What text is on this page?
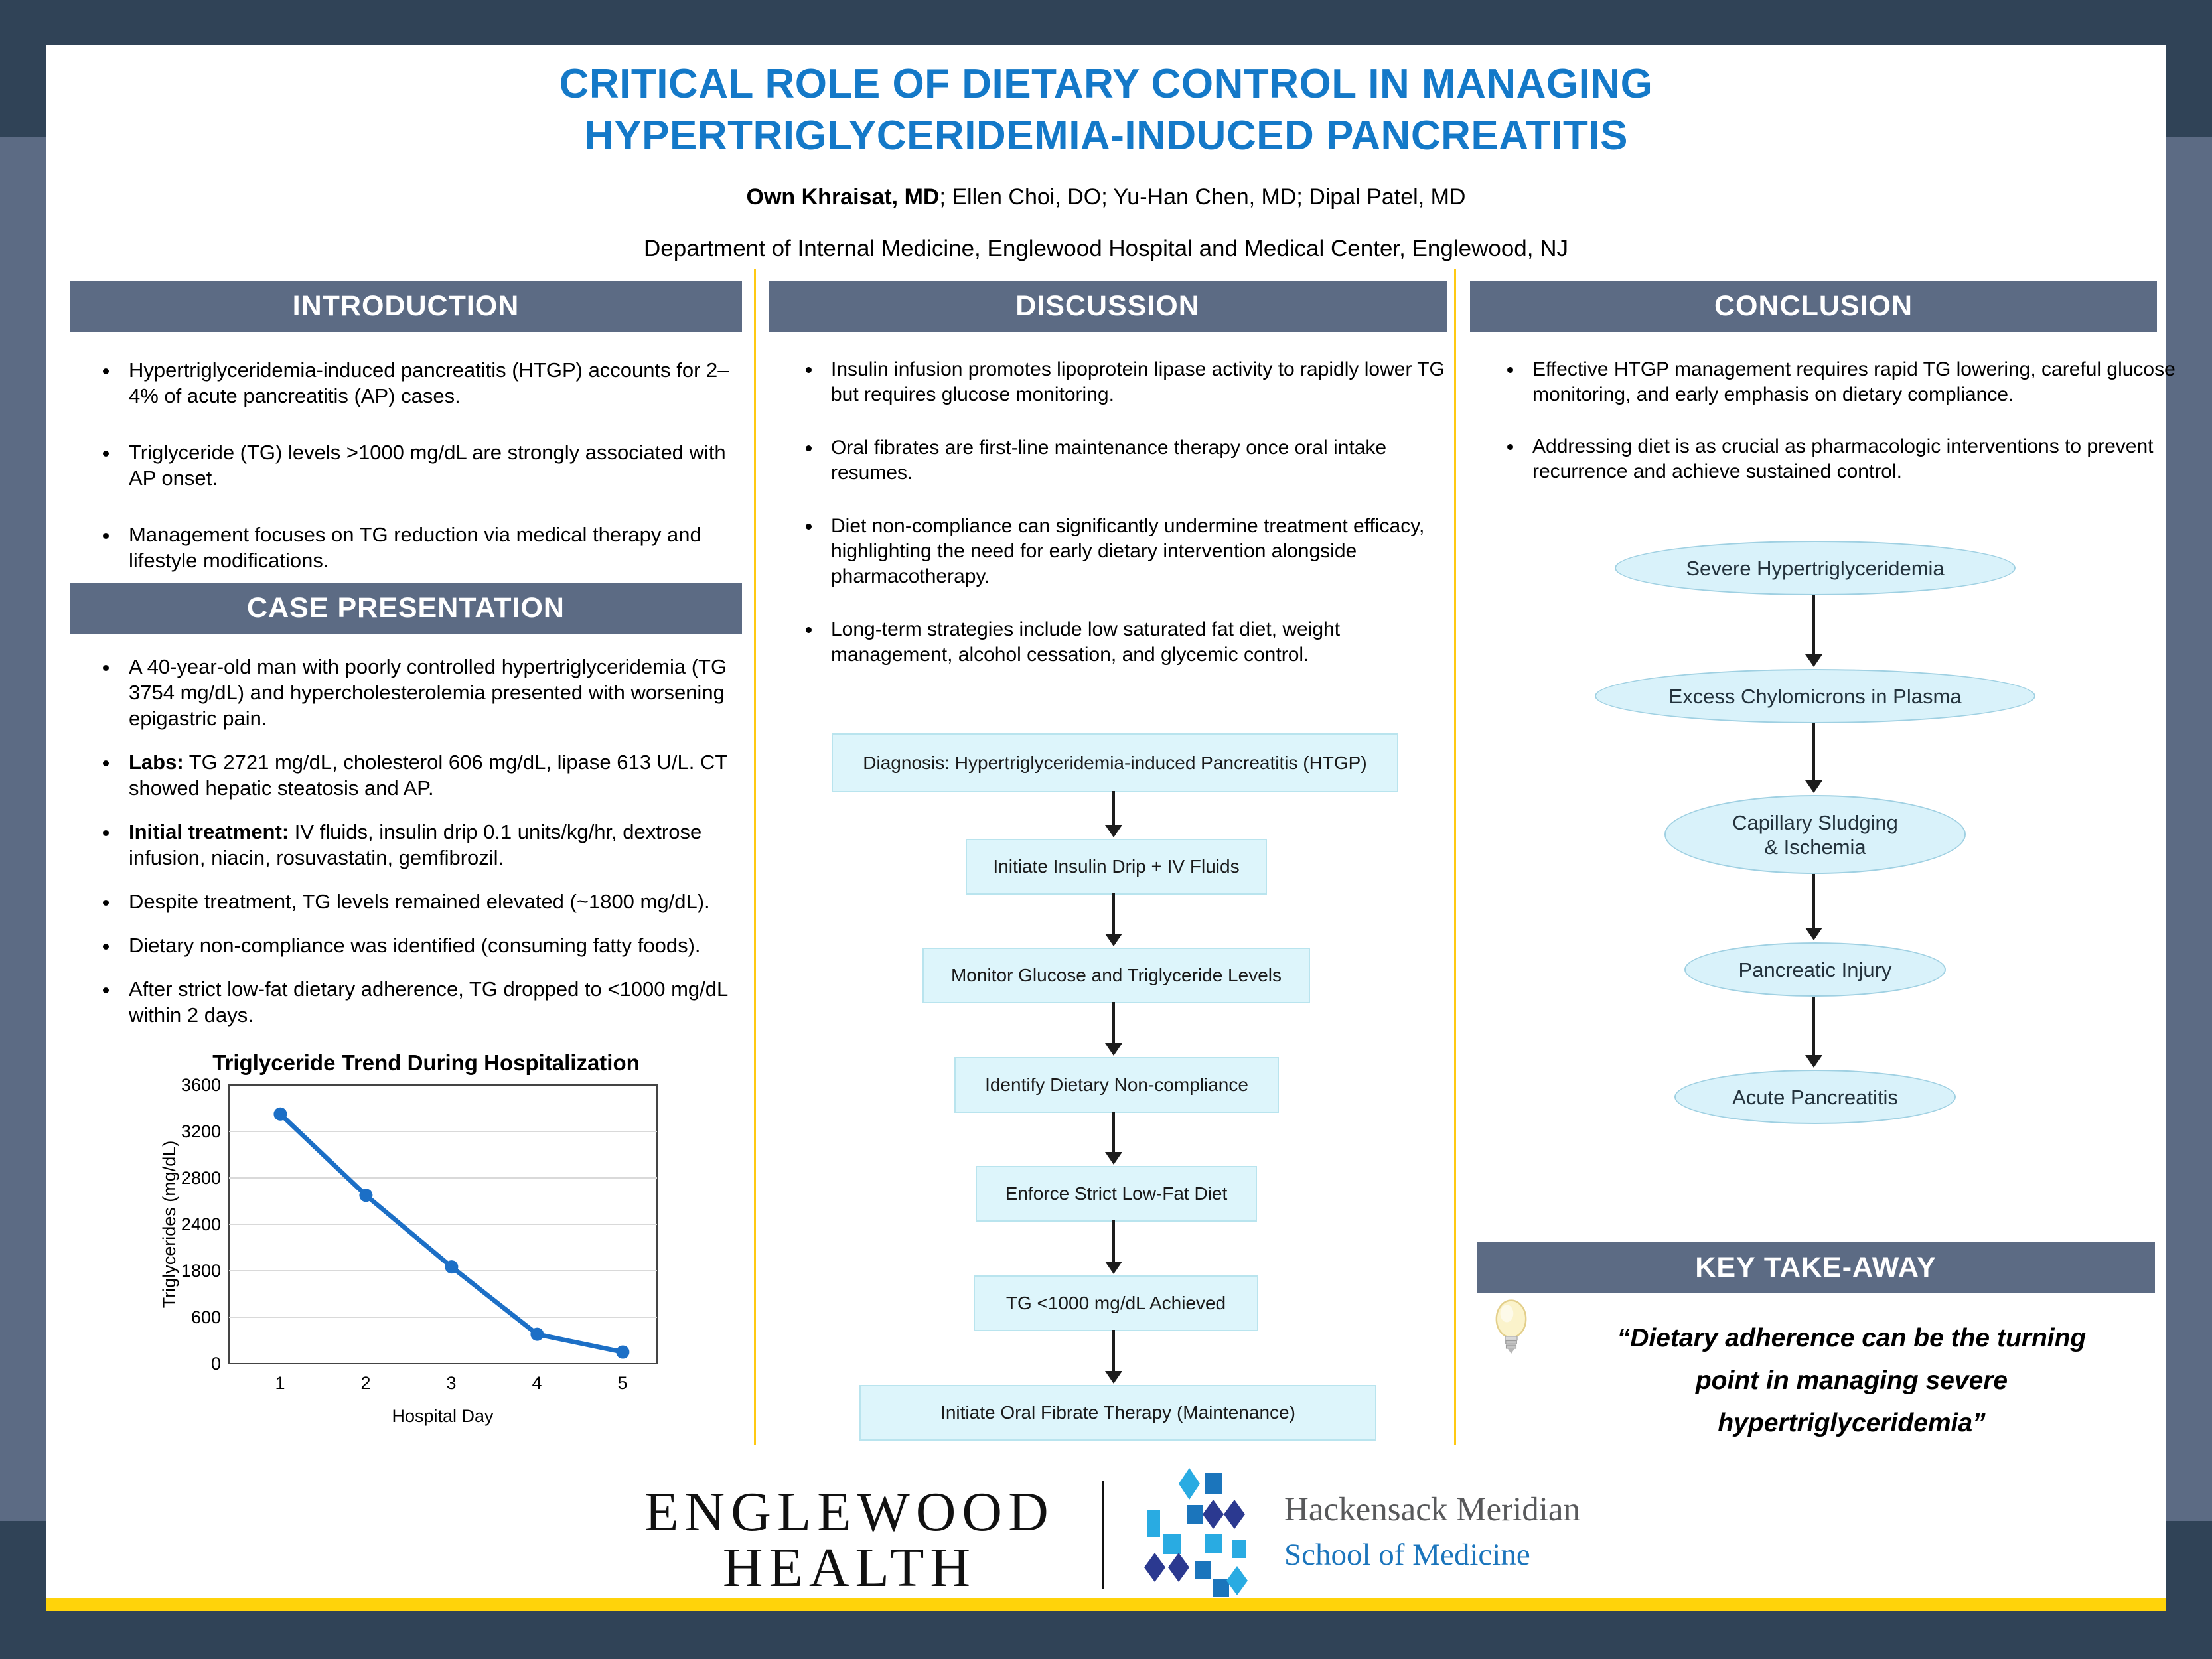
CRITICAL ROLE OF DIETARY CONTROL IN MANAGING
HYPERTRIGLYCERIDEMIA-INDUCED PANCREATITIS
Own Khraisat, MD; Ellen Choi, DO; Yu-Han Chen, MD; Dipal Patel, MD
Department of Internal Medicine, Englewood Hospital and Medical Center, Englewood, NJ
INTRODUCTION
• Hypertriglyceridemia-induced pancreatitis (HTGP) accounts for 2–4% of acute pancreatitis (AP) cases.
• Triglyceride (TG) levels >1000 mg/dL are strongly associated with AP onset.
• Management focuses on TG reduction via medical therapy and lifestyle modifications.
CASE PRESENTATION
• A 40-year-old man with poorly controlled hypertriglyceridemia (TG 3754 mg/dL) and hypercholesterolemia presented with worsening epigastric pain.
• Labs: TG 2721 mg/dL, cholesterol 606 mg/dL, lipase 613 U/L. CT showed hepatic steatosis and AP.
• Initial treatment: IV fluids, insulin drip 0.1 units/kg/hr, dextrose infusion, niacin, rosuvastatin, gemfibrozil.
• Despite treatment, TG levels remained elevated (~1800 mg/dL).
• Dietary non-compliance was identified (consuming fatty foods).
• After strict low-fat dietary adherence, TG dropped to <1000 mg/dL within 2 days.
Triglyceride Trend During Hospitalization
0
600
1800
2400
2800
3200
3600
1	2	3	4	5
Hospital Day
Triglycerides (mg/dL)
DISCUSSION
• Insulin infusion promotes lipoprotein lipase activity to rapidly lower TG but requires glucose monitoring.
• Oral fibrates are first-line maintenance therapy once oral intake resumes.
• Diet non-compliance can significantly undermine treatment efficacy, highlighting the need for early dietary intervention alongside pharmacotherapy.
• Long-term strategies include low saturated fat diet, weight management, alcohol cessation, and glycemic control.
Diagnosis: Hypertriglyceridemia-induced Pancreatitis (HTGP)
Initiate Insulin Drip + IV Fluids
Monitor Glucose and Triglyceride Levels
Identify Dietary Non-compliance
Enforce Strict Low-Fat Diet
TG <1000 mg/dL Achieved
Initiate Oral Fibrate Therapy (Maintenance)
CONCLUSION
• Effective HTGP management requires rapid TG lowering, careful glucose monitoring, and early emphasis on dietary compliance.
• Addressing diet is as crucial as pharmacologic interventions to prevent recurrence and achieve sustained control.
Severe Hypertriglyceridemia
Excess Chylomicrons in Plasma
Capillary Sludging
& Ischemia
Pancreatic Injury
Acute Pancreatitis
KEY TAKE-AWAY
“Dietary adherence can be the turning
point in managing severe
hypertriglyceridemia”
ENGLEWOOD
HEALTH
Hackensack Meridian
School of Medicine
